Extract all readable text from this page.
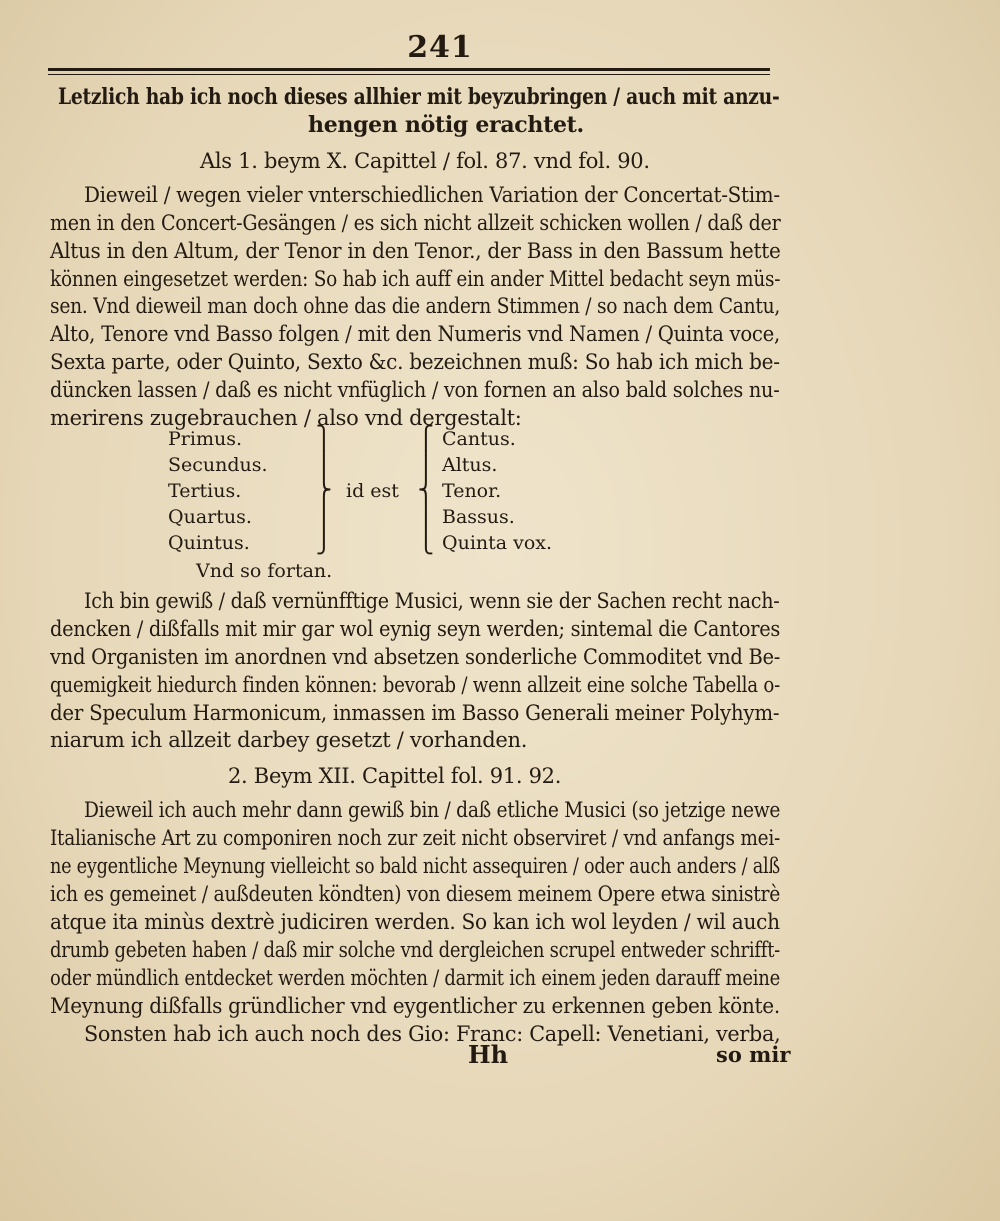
241
Letzlich hab ich noch dieses allhier mit beyzubringen / auch mit anzu-
hengen nötig erachtet.
Als 1. beym X. Capittel / fol. 87. vnd fol. 90.
Dieweil / wegen vieler vnterschiedlichen Variation der Concertat-Stim-
men in den Concert-Gesängen / es sich nicht allzeit schicken wollen / daß der
Altus in den Altum, der Tenor in den Tenor., der Bass in den Bassum hette
können eingesetzet werden: So hab ich auff ein ander Mittel bedacht seyn müs-
sen. Vnd dieweil man doch ohne das die andern Stimmen / so nach dem Cantu,
Alto, Tenore vnd Basso folgen / mit den Numeris vnd Namen / Quinta voce,
Sexta parte, oder Quinto, Sexto &c. bezeichnen muß: So hab ich mich be-
düncken lassen / daß es nicht vnfüglich / von fornen an also bald solches nu-
merirens zugebrauchen / also vnd dergestalt:
Primus.
Secundus.
Tertius.
Quartus.
Quintus.
⎫
⎪
⎬
⎪
⎭
id est
⎧
⎪
⎨
⎪
⎩
Cantus.
Altus.
Tenor.
Bassus.
Quinta vox.
Vnd so fortan.
Ich bin gewiß / daß vernünfftige Musici, wenn sie der Sachen recht nach-
dencken / dißfalls mit mir gar wol eynig seyn werden; sintemal die Cantores
vnd Organisten im anordnen vnd absetzen sonderliche Commoditet vnd Be-
quemigkeit hiedurch finden können: bevorab / wenn allzeit eine solche Tabella o-
der Speculum Harmonicum, inmassen im Basso Generali meiner Polyhym-
niarum ich allzeit darbey gesetzt / vorhanden.
2. Beym XII. Capittel fol. 91. 92.
Dieweil ich auch mehr dann gewiß bin / daß etliche Musici (so jetzige newe
Italianische Art zu componiren noch zur zeit nicht observiret / vnd anfangs mei-
ne eygentliche Meynung vielleicht so bald nicht assequiren / oder auch anders / alß
ich es gemeinet / außdeuten köndten) von diesem meinem Opere etwa sinistrè
atque ita minùs dextrè judiciren werden. So kan ich wol leyden / wil auch
drumb gebeten haben / daß mir solche vnd dergleichen scrupel entweder schrifft-
oder mündlich entdecket werden möchten / darmit ich einem jeden darauff meine
Meynung dißfalls gründlicher vnd eygentlicher zu erkennen geben könte.
Sonsten hab ich auch noch des Gio: Franc: Capell: Venetiani, verba,
Hh	so mir
